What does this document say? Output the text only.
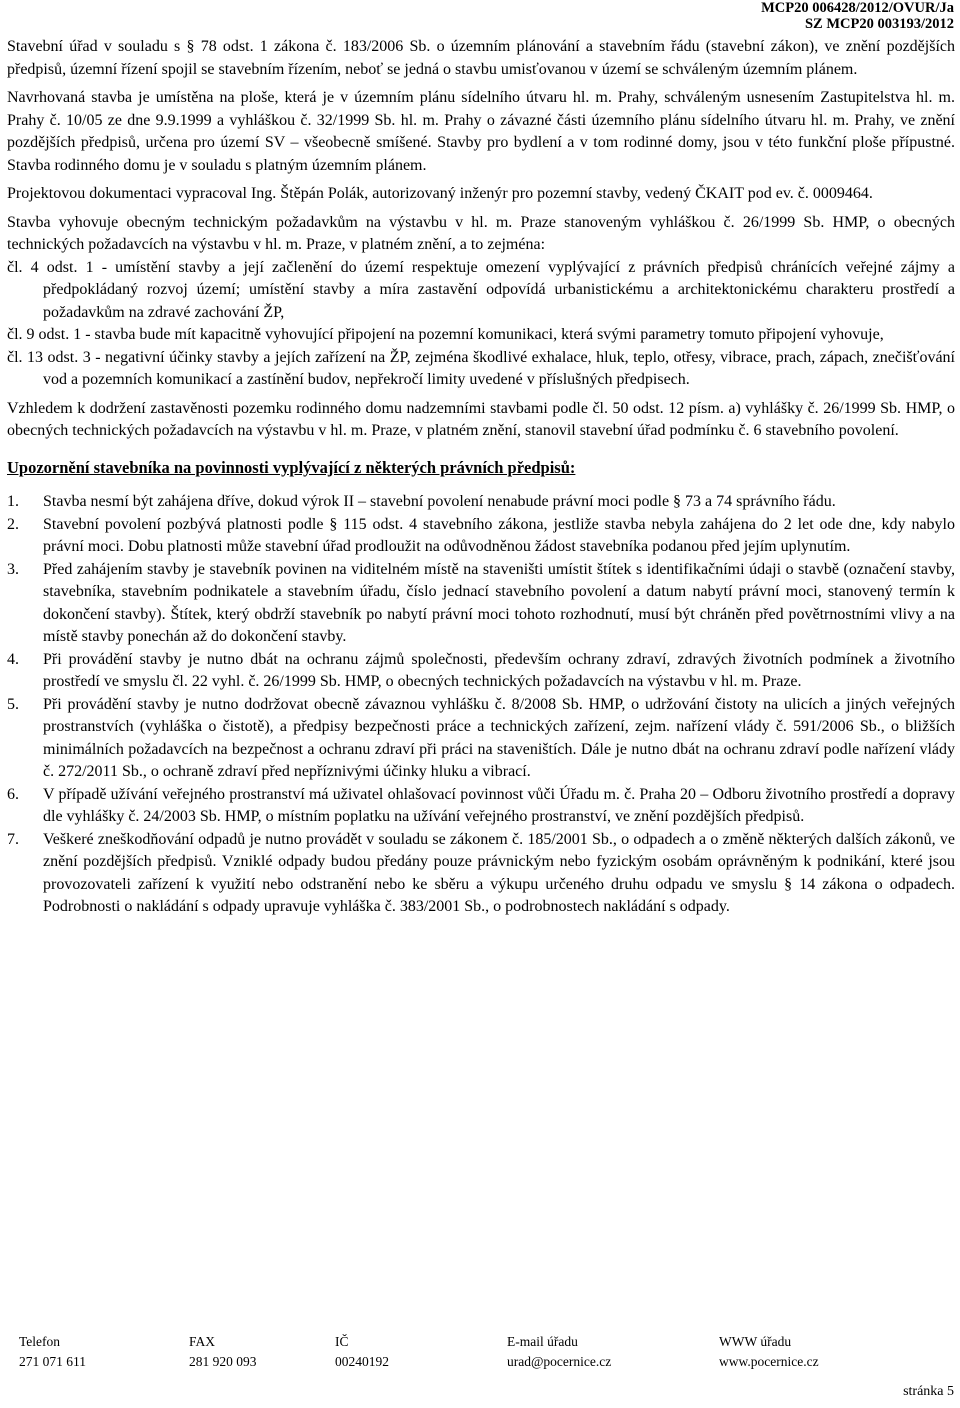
MCP20 006428/2012/OVUR/Ja
SZ MCP20 003193/2012

Stavební úřad v souladu s § 78 odst. 1 zákona č. 183/2006 Sb. o územním plánování a stavebním řádu (stavební zákon), ve znění pozdějších předpisů, územní řízení spojil se stavebním řízením, neboť se jedná o stavbu umisťovanou v území se schváleným územním plánem.

Navrhovaná stavba je umístěna na ploše, která je v územním plánu sídelního útvaru hl. m. Prahy, schváleným usnesením Zastupitelstva hl. m. Prahy č. 10/05 ze dne 9.9.1999 a vyhláškou č. 32/1999 Sb. hl. m. Prahy o závazné části územního plánu sídelního útvaru hl. m. Prahy, ve znění pozdějších předpisů, určena pro území SV – všeobecně smíšené. Stavby pro bydlení a v tom rodinné domy, jsou v této funkční ploše přípustné. Stavba rodinného domu je v souladu s platným územním plánem.

Projektovou dokumentaci vypracoval Ing. Štěpán Polák, autorizovaný inženýr pro pozemní stavby, vedený ČKAIT pod ev. č. 0009464.

Stavba vyhovuje obecným technickým požadavkům na výstavbu v hl. m. Praze stanoveným vyhláškou č. 26/1999 Sb. HMP, o obecných technických požadavcích na výstavbu v hl. m. Praze, v platném znění, a to zejména:

čl. 4 odst. 1 - umístění stavby a její začlenění do území respektuje omezení vyplývající z právních předpisů chránících veřejné zájmy a předpokládaný rozvoj území; umístění stavby a míra zastavění odpovídá urbanistickému a architektonickému charakteru prostředí a požadavkům na zdravé zachování ŽP,

čl. 9 odst. 1 - stavba bude mít kapacitně vyhovující připojení na pozemní komunikaci, která svými parametry tomuto připojení vyhovuje,

čl. 13 odst. 3 - negativní účinky stavby a jejích zařízení na ŽP, zejména škodlivé exhalace, hluk, teplo, otřesy, vibrace, prach, zápach, znečišťování vod a pozemních komunikací a zastínění budov, nepřekročí limity uvedené v příslušných předpisech.

Vzhledem k dodržení zastavěnosti pozemku rodinného domu nadzemními stavbami podle čl. 50 odst. 12 písm. a) vyhlášky č. 26/1999 Sb. HMP, o obecných technických požadavcích na výstavbu v hl. m. Praze, v platném znění, stanovil stavební úřad podmínku č. 6 stavebního povolení.

Upozornění stavebníka na povinnosti vyplývající z některých právních předpisů:
1. Stavba nesmí být zahájena dříve, dokud výrok II – stavební povolení nenabude právní moci podle § 73 a 74 správního řádu.
2. Stavební povolení pozbývá platnosti podle § 115 odst. 4 stavebního zákona, jestliže stavba nebyla zahájena do 2 let ode dne, kdy nabylo právní moci. Dobu platnosti může stavební úřad prodloužit na odůvodněnou žádost stavebníka podanou před jejím uplynutím.
3. Před zahájením stavby je stavebník povinen na viditelném místě na staveništi umístit štítek s identifikačními údaji o stavbě (označení stavby, stavebníka, stavebním podnikatele a stavebním úřadu, číslo jednací stavebního povolení a datum nabytí právní moci, stanovený termín k dokončení stavby). Štítek, který obdrží stavebník po nabytí právní moci tohoto rozhodnutí, musí být chráněn před povětrnostními vlivy a na místě stavby ponechán až do dokončení stavby.
4. Při provádění stavby je nutno dbát na ochranu zájmů společnosti, především ochrany zdraví, zdravých životních podmínek a životního prostředí ve smyslu čl. 22 vyhl. č. 26/1999 Sb. HMP, o obecných technických požadavcích na výstavbu v hl. m. Praze.
5. Při provádění stavby je nutno dodržovat obecně závaznou vyhlášku č. 8/2008 Sb. HMP, o udržování čistoty na ulicích a jiných veřejných prostranstvích (vyhláška o čistotě), a předpisy bezpečnosti práce a technických zařízení, zejm. nařízení vlády č. 591/2006 Sb., o bližších minimálních požadavcích na bezpečnost a ochranu zdraví při práci na staveništích. Dále je nutno dbát na ochranu zdraví podle nařízení vlády č. 272/2011 Sb., o ochraně zdraví před nepříznivými účinky hluku a vibrací.
6. V případě užívání veřejného prostranství má uživatel ohlašovací povinnost vůči Úřadu m. č. Praha 20 – Odboru životního prostředí a dopravy dle vyhlášky č. 24/2003 Sb. HMP, o místním poplatku na užívání veřejného prostranství, ve znění pozdějších předpisů.
7. Veškeré zneškodňování odpadů je nutno provádět v souladu se zákonem č. 185/2001 Sb., o odpadech a o změně některých dalších zákonů, ve znění pozdějších předpisů. Vzniklé odpady budou předány pouze právnickým nebo fyzickým osobám oprávněným k podnikání, které jsou provozovateli zařízení k využití nebo odstranění nebo ke sběru a výkupu určeného druhu odpadu ve smyslu § 14 zákona o odpadech. Podrobnosti o nakládání s odpady upravuje vyhláška č. 383/2001 Sb., o podrobnostech nakládání s odpady.
Telefon
271 071 611
FAX
281 920 093
IČ
00240192
E-mail úřadu
urad@pocernice.cz
WWW úřadu
www.pocernice.cz
stránka 5
